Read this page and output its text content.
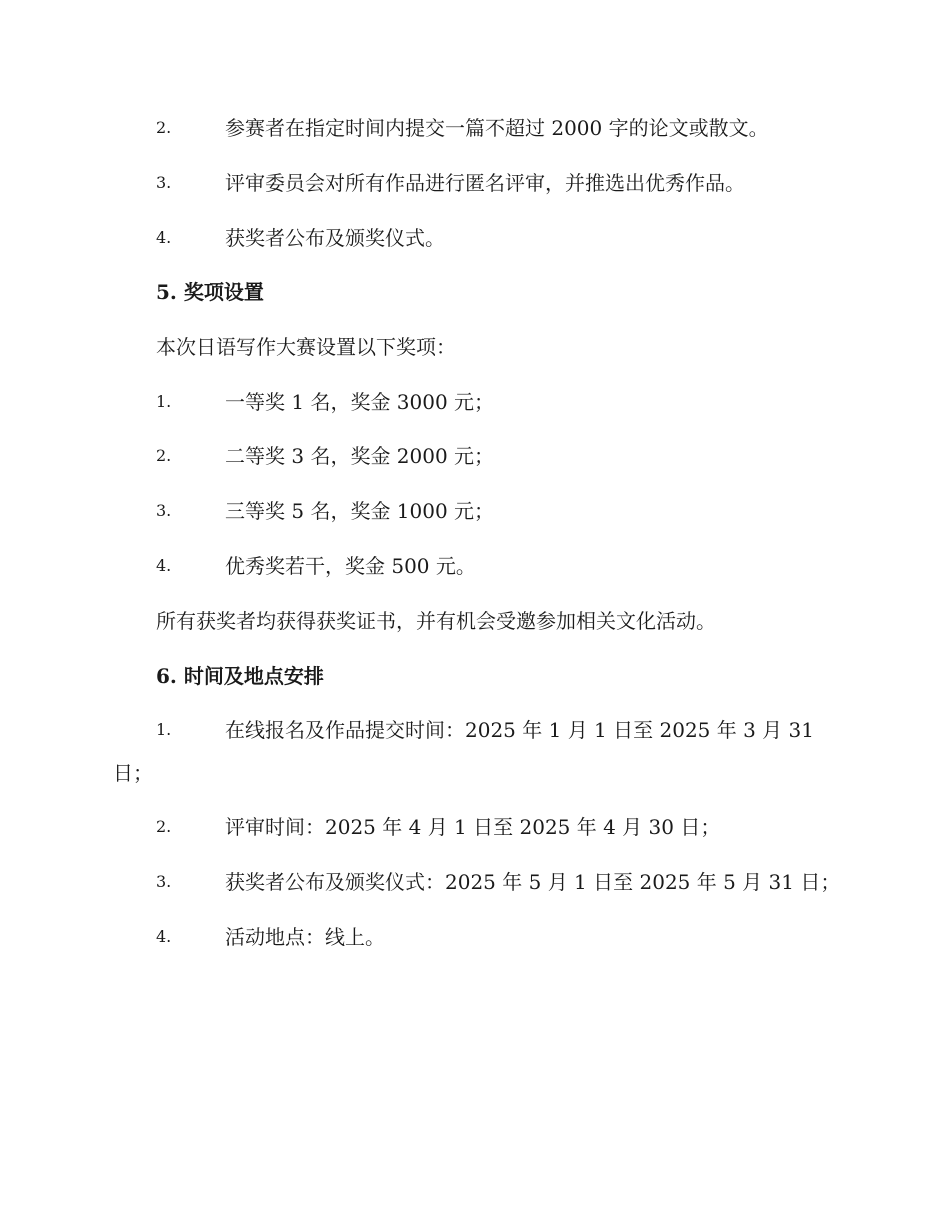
2.	参赛者在指定时间内提交一篇不超过 2000 字的论文或散文。
3.	评审委员会对所有作品进行匿名评审，并推选出优秀作品。
4.	获奖者公布及颁奖仪式。
5. 奖项设置
本次日语写作大赛设置以下奖项：
1.	一等奖 1 名，奖金 3000 元；
2.	二等奖 3 名，奖金 2000 元；
3.	三等奖 5 名，奖金 1000 元；
4.	优秀奖若干，奖金 500 元。
所有获奖者均获得获奖证书，并有机会受邀参加相关文化活动。
6. 时间及地点安排
1.	在线报名及作品提交时间：2025 年 1 月 1 日至 2025 年 3 月 31
日；
2.	评审时间：2025 年 4 月 1 日至 2025 年 4 月 30 日；
3.	获奖者公布及颁奖仪式：2025 年 5 月 1 日至 2025 年 5 月 31 日；
4.	活动地点：线上。
